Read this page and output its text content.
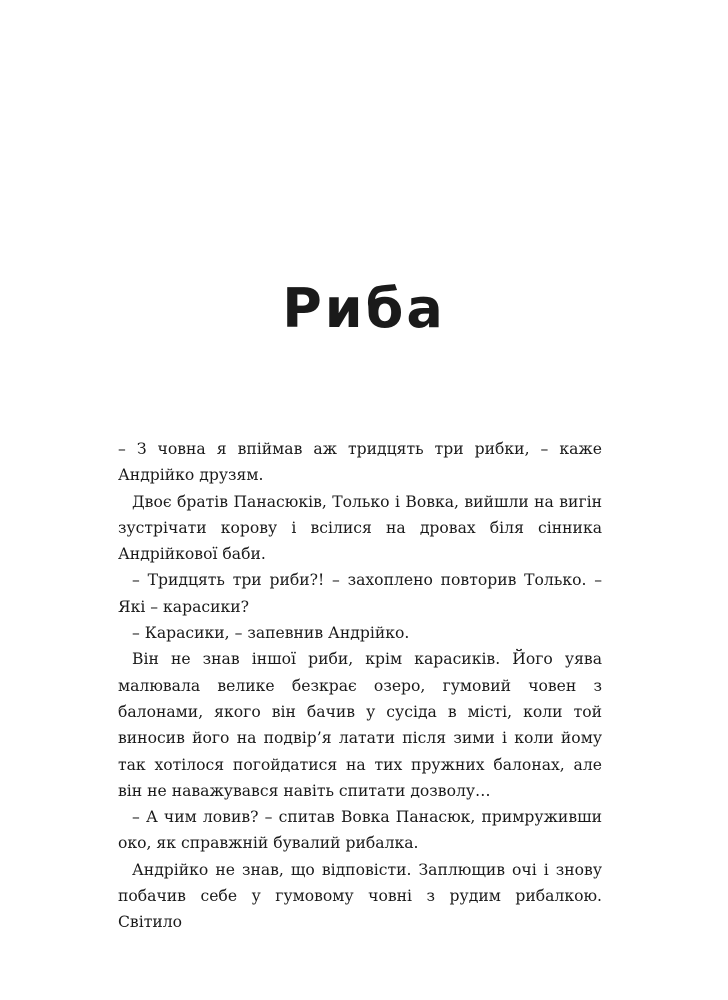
Риба

– З човна я впіймав аж тридцять три рибки, – каже Андрійко друзям.

Двоє братів Панасюків, Только і Вовка, вийшли на вигін зустрічати корову і всілися на дровах біля сінника Андрійкової баби.

– Тридцять три риби?! – захоплено повторив Только. – Які – карасики?

– Карасики, – запевнив Андрійко.

Він не знав іншої риби, крім карасиків. Його уява малювала велике безкрає озеро, гумовий човен з балонами, якого він бачив у сусіда в місті, коли той виносив його на подвір’я латати після зими і коли йому так хотілося погойдатися на тих пружних балонах, але він не наважувався навіть спитати дозволу…

– А чим ловив? – спитав Вовка Панасюк, примруживши око, як справжній бувалий рибалка.

Андрійко не знав, що відповісти. Заплющив очі і знову побачив себе у гумовому човні з рудим рибалкою. Світило
